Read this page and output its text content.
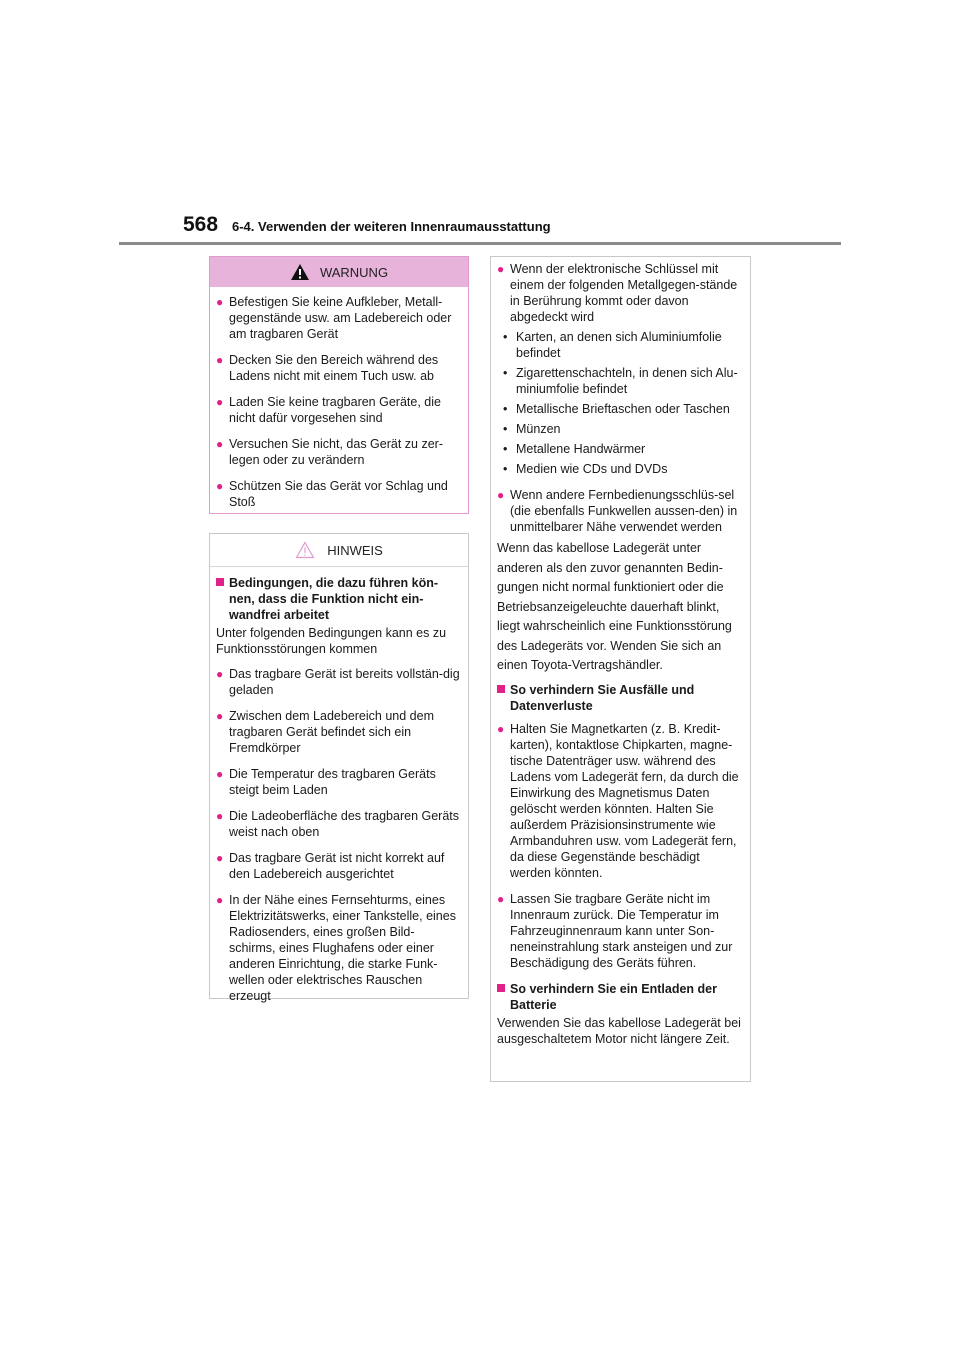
568 6-4. Verwenden der weiteren Innenraumausstattung
WARNUNG
● Befestigen Sie keine Aufkleber, Metall-gegenstände usw. am Ladebereich oder am tragbaren Gerät
● Decken Sie den Bereich während des Ladens nicht mit einem Tuch usw. ab
● Laden Sie keine tragbaren Geräte, die nicht dafür vorgesehen sind
● Versuchen Sie nicht, das Gerät zu zer-legen oder zu verändern
● Schützen Sie das Gerät vor Schlag und Stoß
HINWEIS
Bedingungen, die dazu führen kön-nen, dass die Funktion nicht ein-wandfrei arbeitet
Unter folgenden Bedingungen kann es zu Funktionsstörungen kommen
● Das tragbare Gerät ist bereits vollstän-dig geladen
● Zwischen dem Ladebereich und dem tragbaren Gerät befindet sich ein Fremdkörper
● Die Temperatur des tragbaren Geräts steigt beim Laden
● Die Ladeoberfläche des tragbaren Geräts weist nach oben
● Das tragbare Gerät ist nicht korrekt auf den Ladebereich ausgerichtet
● In der Nähe eines Fernsehturms, eines Elektrizitätswerks, einer Tankstelle, eines Radiosenders, eines großen Bild-schirms, eines Flughafens oder einer anderen Einrichtung, die starke Funk-wellen oder elektrisches Rauschen erzeugt
● Wenn der elektronische Schlüssel mit einem der folgenden Metallgegen-stände in Berührung kommt oder davon abgedeckt wird
• Karten, an denen sich Aluminiumfolie befindet
• Zigarettenschachteln, in denen sich Alu-miniumfolie befindet
• Metallische Brieftaschen oder Taschen
• Münzen
• Metallene Handwärmer
• Medien wie CDs und DVDs
● Wenn andere Fernbedienungsschlüs-sel (die ebenfalls Funkwellen aussen-den) in unmittelbarer Nähe verwendet werden
Wenn das kabellose Ladegerät unter
anderen als den zuvor genannten Bedin-
gungen nicht normal funktioniert oder die
Betriebsanzeigeleuchte dauerhaft blinkt,
liegt wahrscheinlich eine Funktionsstörung
des Ladegeräts vor. Wenden Sie sich an
einen Toyota-Vertragshändler.
So verhindern Sie Ausfälle und Datenverluste
● Halten Sie Magnetkarten (z. B. Kredit-karten), kontaktlose Chipkarten, magne-tische Datenträger usw. während des Ladens vom Ladegerät fern, da durch die Einwirkung des Magnetismus Daten gelöscht werden könnten. Halten Sie außerdem Präzisionsinstrumente wie Armbanduhren usw. vom Ladegerät fern, da diese Gegenstände beschädigt werden könnten.
● Lassen Sie tragbare Geräte nicht im Innenraum zurück. Die Temperatur im Fahrzeuginnenraum kann unter Son-neneinstrahlung stark ansteigen und zur Beschädigung des Geräts führen.
So verhindern Sie ein Entladen der Batterie
Verwenden Sie das kabellose Ladegerät bei ausgeschaltetem Motor nicht längere Zeit.
